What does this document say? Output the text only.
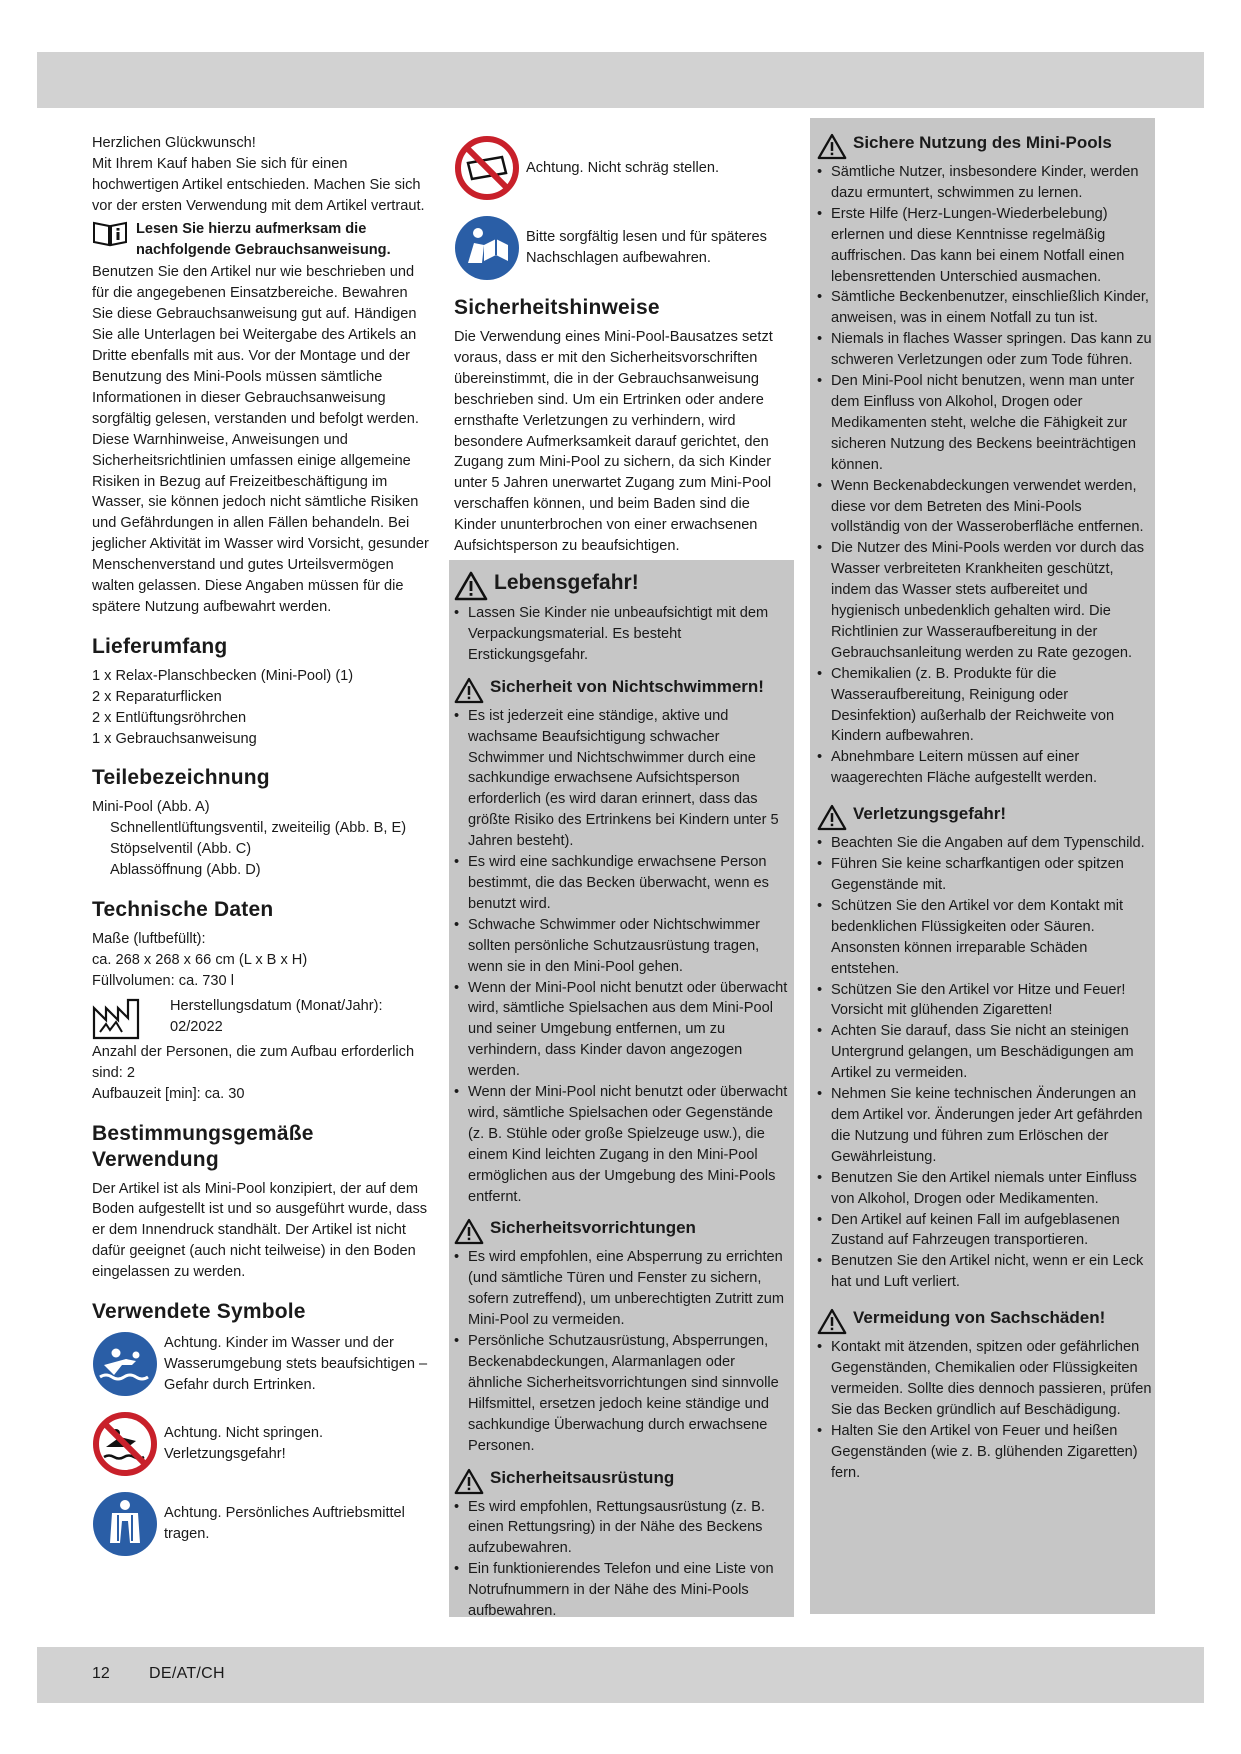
Herzlichen Glückwunsch!

Mit Ihrem Kauf haben Sie sich für einen hochwertigen Artikel entschieden. Machen Sie sich vor der ersten Verwendung mit dem Artikel vertraut.

Lesen Sie hierzu aufmerksam die nachfolgende Gebrauchsanweisung.

Benutzen Sie den Artikel nur wie beschrieben und für die angegebenen Einsatzbereiche. Bewahren Sie diese Gebrauchsanweisung gut auf. Händigen Sie alle Unterlagen bei Weitergabe des Artikels an Dritte ebenfalls mit aus. Vor der Montage und der Benutzung des Mini-Pools müssen sämtliche Informationen in dieser Gebrauchsanweisung sorgfältig gelesen, verstanden und befolgt werden. Diese Warnhinweise, Anweisungen und Sicherheitsrichtlinien umfassen einige allgemeine Risiken in Bezug auf Freizeitbeschäftigung im Wasser, sie können jedoch nicht sämtliche Risiken und Gefährdungen in allen Fällen behandeln. Bei jeglicher Aktivität im Wasser wird Vorsicht, gesunder Menschenverstand und gutes Urteilsvermögen walten gelassen. Diese Angaben müssen für die spätere Nutzung aufbewahrt werden.

Lieferumfang

1 x Relax-Planschbecken (Mini-Pool) (1)

2 x Reparaturflicken

2 x Entlüftungsröhrchen

1 x Gebrauchsanweisung

Teilebezeichnung

Mini-Pool (Abb. A)

Schnellentlüftungsventil, zweiteilig (Abb. B, E)

Stöpselventil (Abb. C)

Ablassöffnung (Abb. D)

Technische Daten

Maße (luftbefüllt):

ca. 268 x 268 x 66 cm (L x B x H)

Füllvolumen: ca. 730 l

Herstellungsdatum (Monat/Jahr):

02/2022

Anzahl der Personen, die zum Aufbau erforderlich sind: 2

Aufbauzeit [min]: ca. 30

Bestimmungsgemäße Verwendung

Der Artikel ist als Mini-Pool konzipiert, der auf dem Boden aufgestellt ist und so ausgeführt wurde, dass er dem Innendruck standhält. Der Artikel ist nicht dafür geeignet (auch nicht teilweise) in den Boden eingelassen zu werden.

Verwendete Symbole
Achtung. Kinder im Wasser und der Wasserumgebung stets beaufsichtigen – Gefahr durch Ertrinken.
Achtung. Nicht springen. Verletzungsgefahr!
Achtung. Persönliches Auftriebsmittel tragen.
Achtung. Nicht schräg stellen.
Bitte sorgfältig lesen und für späteres Nachschlagen aufbewahren.
Sicherheitshinweise

Die Verwendung eines Mini-Pool-Bausatzes setzt voraus, dass er mit den Sicherheitsvorschriften übereinstimmt, die in der Gebrauchsanweisung beschrieben sind. Um ein Ertrinken oder andere ernsthafte Verletzungen zu verhindern, wird besondere Aufmerksamkeit darauf gerichtet, den Zugang zum Mini-Pool zu sichern, da sich Kinder unter 5 Jahren unerwartet Zugang zum Mini-Pool verschaffen können, und beim Baden sind die Kinder ununterbrochen von einer erwachsenen Aufsichtsperson zu beaufsichtigen.

Lebensgefahr!
• Lassen Sie Kinder nie unbeaufsichtigt mit dem Verpackungsmaterial. Es besteht Erstickungsgefahr.
Sicherheit von Nichtschwimmern!
• Es ist jederzeit eine ständige, aktive und wachsame Beaufsichtigung schwacher Schwimmer und Nichtschwimmer durch eine sachkundige erwachsene Aufsichtsperson erforderlich (es wird daran erinnert, dass das größte Risiko des Ertrinkens bei Kindern unter 5 Jahren besteht).
• Es wird eine sachkundige erwachsene Person bestimmt, die das Becken überwacht, wenn es benutzt wird.
• Schwache Schwimmer oder Nichtschwimmer sollten persönliche Schutzausrüstung tragen, wenn sie in den Mini-Pool gehen.
• Wenn der Mini-Pool nicht benutzt oder überwacht wird, sämtliche Spielsachen aus dem Mini-Pool und seiner Umgebung entfernen, um zu verhindern, dass Kinder davon angezogen werden.
• Wenn der Mini-Pool nicht benutzt oder überwacht wird, sämtliche Spielsachen oder Gegenstände (z. B. Stühle oder große Spielzeuge usw.), die einem Kind leichten Zugang in den Mini-Pool ermöglichen aus der Umgebung des Mini-Pools entfernt.
Sicherheitsvorrichtungen
• Es wird empfohlen, eine Absperrung zu errichten (und sämtliche Türen und Fenster zu sichern, sofern zutreffend), um unberechtigten Zutritt zum Mini-Pool zu vermeiden.
• Persönliche Schutzausrüstung, Absperrungen, Beckenabdeckungen, Alarmanlagen oder ähnliche Sicherheitsvorrichtungen sind sinnvolle Hilfsmittel, ersetzen jedoch keine ständige und sachkundige Überwachung durch erwachsene Personen.
Sicherheitsausrüstung
• Es wird empfohlen, Rettungsausrüstung (z. B. einen Rettungsring) in der Nähe des Beckens aufzubewahren.
• Ein funktionierendes Telefon und eine Liste von Notrufnummern in der Nähe des Mini-Pools aufbewahren.
Sichere Nutzung des Mini-Pools
• Sämtliche Nutzer, insbesondere Kinder, werden dazu ermuntert, schwimmen zu lernen.
• Erste Hilfe (Herz-Lungen-Wiederbelebung) erlernen und diese Kenntnisse regelmäßig auffrischen. Das kann bei einem Notfall einen lebensrettenden Unterschied ausmachen.
• Sämtliche Beckenbenutzer, einschließlich Kinder, anweisen, was in einem Notfall zu tun ist.
• Niemals in flaches Wasser springen. Das kann zu schweren Verletzungen oder zum Tode führen.
• Den Mini-Pool nicht benutzen, wenn man unter dem Einfluss von Alkohol, Drogen oder Medikamenten steht, welche die Fähigkeit zur sicheren Nutzung des Beckens beeinträchtigen können.
• Wenn Beckenabdeckungen verwendet werden, diese vor dem Betreten des Mini-Pools vollständig von der Wasseroberfläche entfernen.
• Die Nutzer des Mini-Pools werden vor durch das Wasser verbreiteten Krankheiten geschützt, indem das Wasser stets aufbereitet und hygienisch unbedenklich gehalten wird. Die Richtlinien zur Wasseraufbereitung in der Gebrauchsanleitung werden zu Rate gezogen.
• Chemikalien (z. B. Produkte für die Wasseraufbereitung, Reinigung oder Desinfektion) außerhalb der Reichweite von Kindern aufbewahren.
• Abnehmbare Leitern müssen auf einer waagerechten Fläche aufgestellt werden.
Verletzungsgefahr!
• Beachten Sie die Angaben auf dem Typenschild.
• Führen Sie keine scharfkantigen oder spitzen Gegenstände mit.
• Schützen Sie den Artikel vor dem Kontakt mit bedenklichen Flüssigkeiten oder Säuren. Ansonsten können irreparable Schäden entstehen.
• Schützen Sie den Artikel vor Hitze und Feuer! Vorsicht mit glühenden Zigaretten!
• Achten Sie darauf, dass Sie nicht an steinigen Untergrund gelangen, um Beschädigungen am Artikel zu vermeiden.
• Nehmen Sie keine technischen Änderungen an dem Artikel vor. Änderungen jeder Art gefährden die Nutzung und führen zum Erlöschen der Gewährleistung.
• Benutzen Sie den Artikel niemals unter Einfluss von Alkohol, Drogen oder Medikamenten.
• Den Artikel auf keinen Fall im aufgeblasenen Zustand auf Fahrzeugen transportieren.
• Benutzen Sie den Artikel nicht, wenn er ein Leck hat und Luft verliert.
Vermeidung von Sachschäden!
• Kontakt mit ätzenden, spitzen oder gefährlichen Gegenständen, Chemikalien oder Flüssigkeiten vermeiden. Sollte dies dennoch passieren, prüfen Sie das Becken gründlich auf Beschädigung.
• Halten Sie den Artikel von Feuer und heißen Gegenständen (wie z. B. glühenden Zigaretten) fern.
12 DE/AT/CH
